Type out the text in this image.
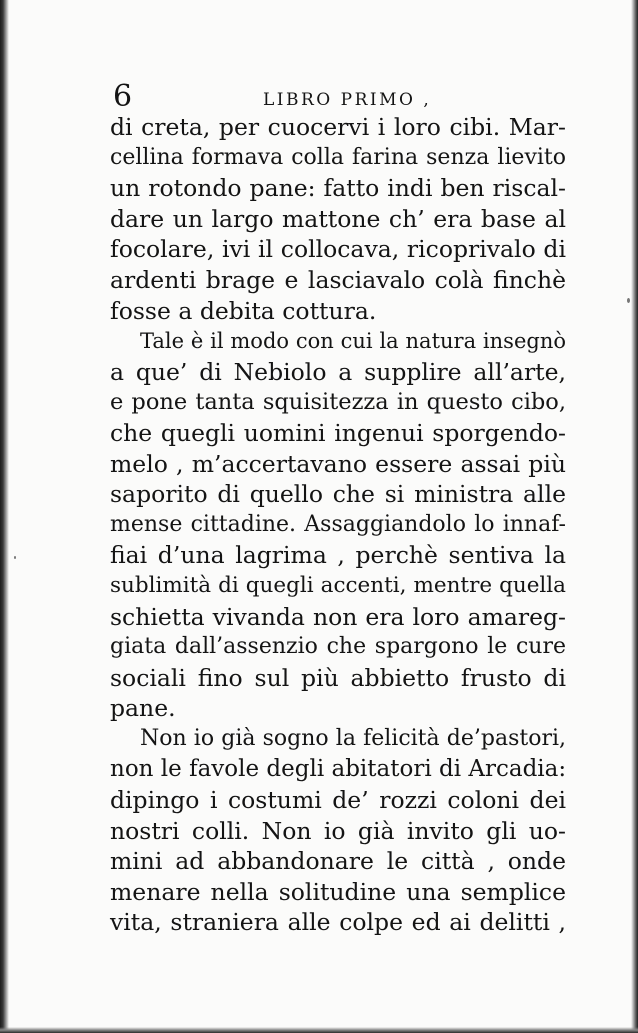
6	LIBRO PRIMO ,
di creta, per cuocervi i loro cibi. Mar-
cellina formava colla farina senza lievito
un rotondo pane: fatto indi ben riscal-
dare un largo mattone ch’ era base al
focolare, ivi il collocava, ricoprivalo di
ardenti brage e lasciavalo colà finchè
fosse a debita cottura.
Tale è il modo con cui la natura insegnò
a que’ di Nebiolo a supplire all’arte,
e pone tanta squisitezza in questo cibo,
che quegli uomini ingenui sporgendo-
melo , m’accertavano essere assai più
saporito di quello che si ministra alle
mense cittadine. Assaggiandolo lo innaf-
fiai d’una lagrima , perchè sentiva la
sublimità di quegli accenti, mentre quella
schietta vivanda non era loro amareg-
giata dall’assenzio che spargono le cure
sociali fino sul più abbietto frusto di
pane.
Non io già sogno la felicità de’pastori,
non le favole degli abitatori di Arcadia:
dipingo i costumi de’ rozzi coloni dei
nostri colli. Non io già invito gli uo-
mini ad abbandonare le città , onde
menare nella solitudine una semplice
vita, straniera alle colpe ed ai delitti ,
